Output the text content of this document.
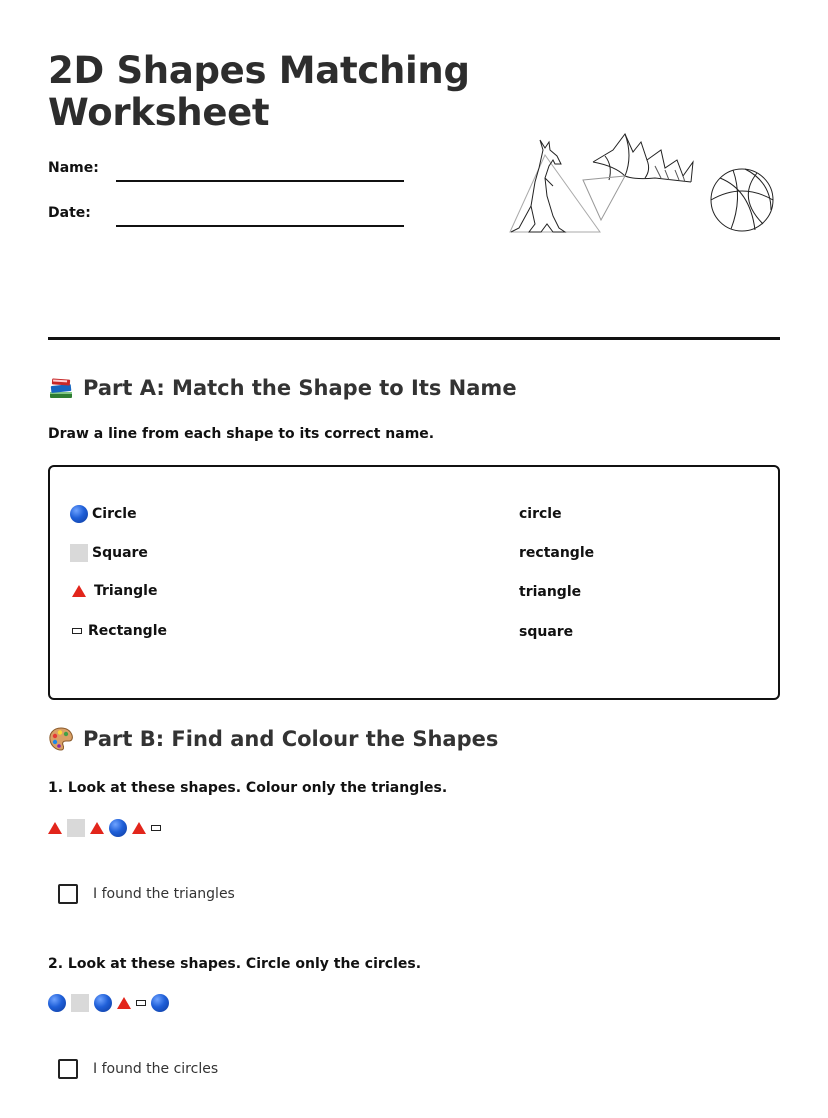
2D Shapes Matching
Worksheet
Name:
Date:
Part A: Match the Shape to Its Name
Draw a line from each shape to its correct name.
Circle
Square
Triangle
Rectangle
circle
rectangle
triangle
square
Part B: Find and Colour the Shapes
1. Look at these shapes. Colour only the triangles.
I found the triangles
2. Look at these shapes. Circle only the circles.
I found the circles
